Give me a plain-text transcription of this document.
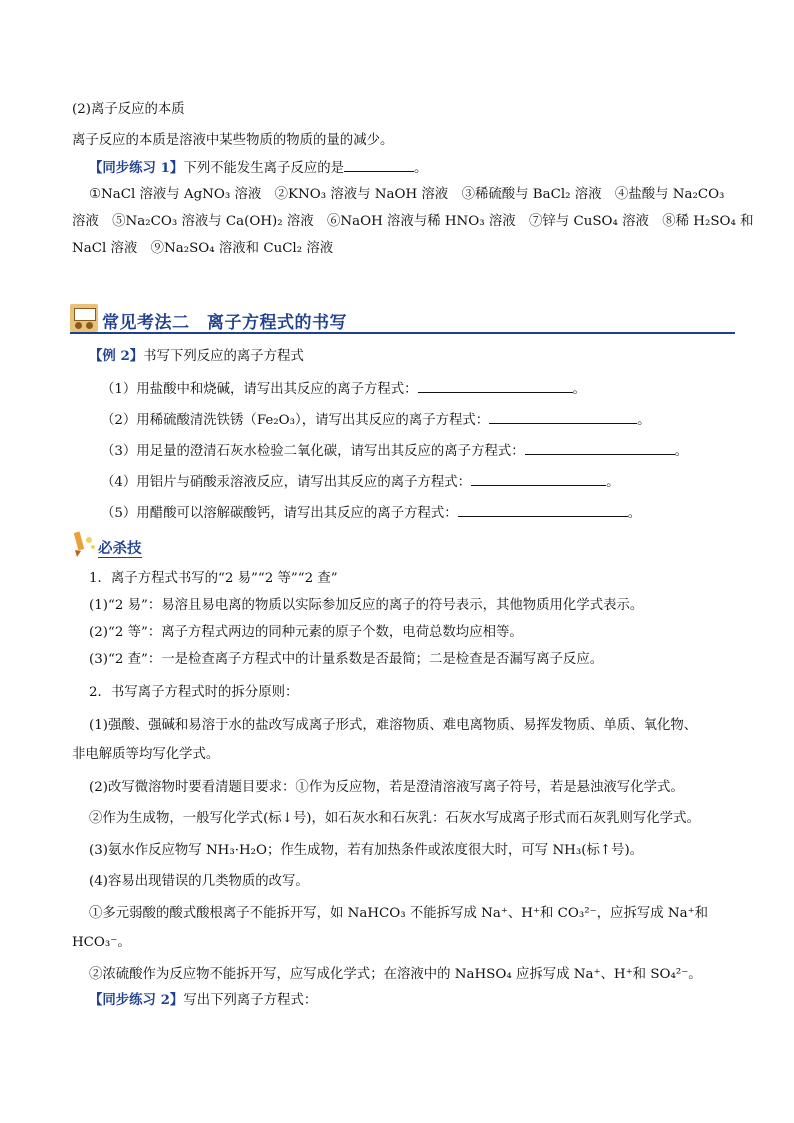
(2)离子反应的本质
离子反应的本质是溶液中某些物质的物质的量的减少。
【同步练习 1】下列不能发生离子反应的是	。
①NaCl 溶液与 AgNO₃ 溶液　②KNO₃ 溶液与 NaOH 溶液　③稀硫酸与 BaCl₂ 溶液　④盐酸与 Na₂CO₃
溶液　⑤Na₂CO₃ 溶液与 Ca(OH)₂ 溶液　⑥NaOH 溶液与稀 HNO₃ 溶液　⑦锌与 CuSO₄ 溶液　⑧稀 H₂SO₄ 和
NaCl 溶液　⑨Na₂SO₄ 溶液和 CuCl₂ 溶液
常见考法二　离子方程式的书写
【例 2】书写下列反应的离子方程式
（1）用盐酸中和烧碱，请写出其反应的离子方程式：	。
（2）用稀硫酸清洗铁锈（Fe₂O₃），请写出其反应的离子方程式：	。
（3）用足量的澄清石灰水检验二氧化碳，请写出其反应的离子方程式：	。
（4）用铝片与硝酸汞溶液反应，请写出其反应的离子方程式：	。
（5）用醋酸可以溶解碳酸钙，请写出其反应的离子方程式：	。
必杀技
1．离子方程式书写的“2 易”“2 等”“2 查”
(1)“2 易”：易溶且易电离的物质以实际参加反应的离子的符号表示，其他物质用化学式表示。
(2)“2 等”：离子方程式两边的同种元素的原子个数，电荷总数均应相等。
(3)“2 查”：一是检查离子方程式中的计量系数是否最简；二是检查是否漏写离子反应。
2．书写离子方程式时的拆分原则：
(1)强酸、强碱和易溶于水的盐改写成离子形式，难溶物质、难电离物质、易挥发物质、单质、氧化物、
非电解质等均写化学式。
(2)改写微溶物时要看清题目要求：①作为反应物，若是澄清溶液写离子符号，若是悬浊液写化学式。
②作为生成物，一般写化学式(标↓号)，如石灰水和石灰乳：石灰水写成离子形式而石灰乳则写化学式。
(3)氨水作反应物写 NH₃·H₂O；作生成物，若有加热条件或浓度很大时，可写 NH₃(标↑号)。
(4)容易出现错误的几类物质的改写。
①多元弱酸的酸式酸根离子不能拆开写，如 NaHCO₃ 不能拆写成 Na⁺、H⁺和 CO₃²⁻，应拆写成 Na⁺和
HCO₃⁻。
②浓硫酸作为反应物不能拆开写，应写成化学式；在溶液中的 NaHSO₄ 应拆写成 Na⁺、H⁺和 SO₄²⁻。
【同步练习 2】写出下列离子方程式：
